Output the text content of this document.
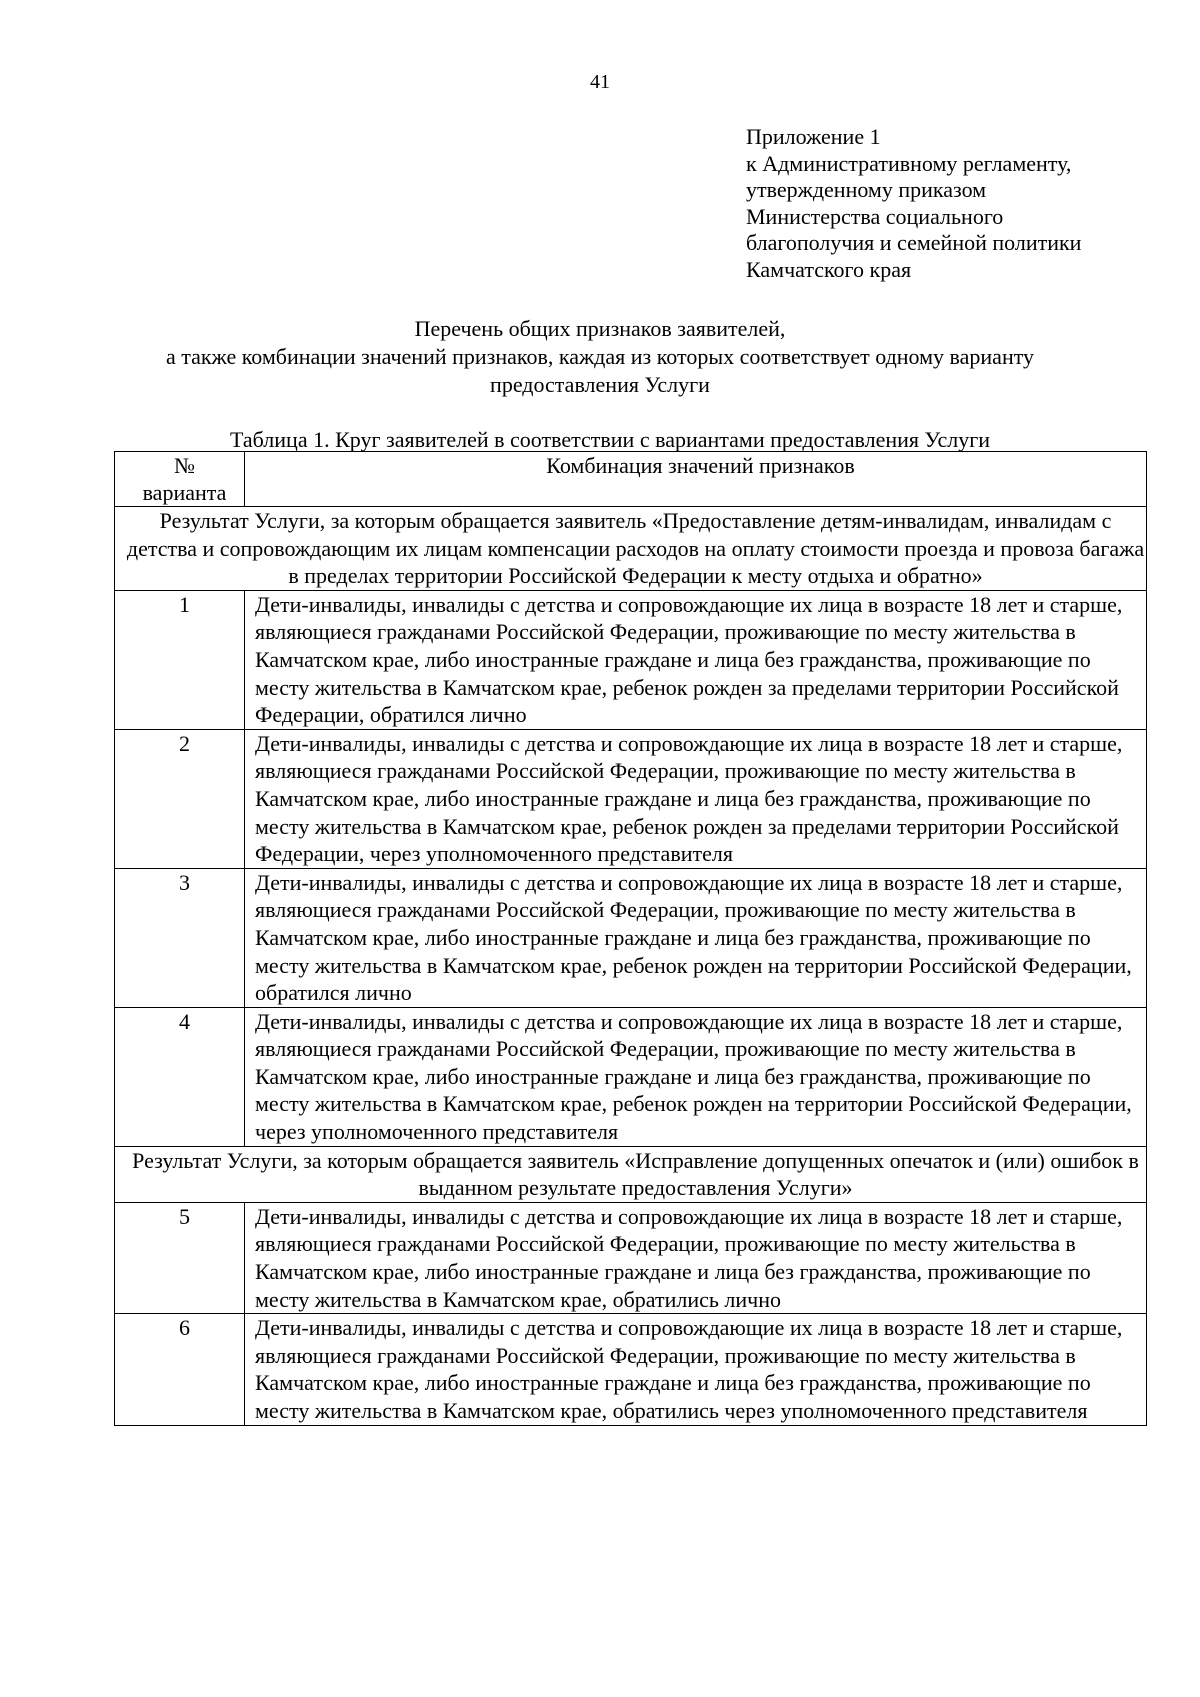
41
Приложение 1
к Административному регламенту,
утвержденному приказом
Министерства социального
благополучия и семейной политики
Камчатского края
Перечень общих признаков заявителей,
а также комбинации значений признаков, каждая из которых соответствует одному варианту
предоставления Услуги
Таблица 1. Круг заявителей в соответствии с вариантами предоставления Услуги
№
варианта	Комбинация значений признаков
Результат Услуги, за которым обращается заявитель «Предоставление детям-инвалидам, инвалидам с детства и сопровождающим их лицам компенсации расходов на оплату стоимости проезда и провоза багажа в пределах территории Российской Федерации к месту отдыха и обратно»	
1	Дети-инвалиды, инвалиды с детства и сопровождающие их лица в возрасте 18 лет и старше, являющиеся гражданами Российской Федерации, проживающие по месту жительства в Камчатском крае, либо иностранные граждане и лица без гражданства, проживающие по месту жительства в Камчатском крае, ребенок рожден за пределами территории Российской Федерации, обратился лично
2	Дети-инвалиды, инвалиды с детства и сопровождающие их лица в возрасте 18 лет и старше, являющиеся гражданами Российской Федерации, проживающие по месту жительства в Камчатском крае, либо иностранные граждане и лица без гражданства, проживающие по месту жительства в Камчатском крае, ребенок рожден за пределами территории Российской Федерации, через уполномоченного представителя
3	Дети-инвалиды, инвалиды с детства и сопровождающие их лица в возрасте 18 лет и старше, являющиеся гражданами Российской Федерации, проживающие по месту жительства в Камчатском крае, либо иностранные граждане и лица без гражданства, проживающие по месту жительства в Камчатском крае, ребенок рожден на территории Российской Федерации, обратился лично
4	Дети-инвалиды, инвалиды с детства и сопровождающие их лица в возрасте 18 лет и старше, являющиеся гражданами Российской Федерации, проживающие по месту жительства в Камчатском крае, либо иностранные граждане и лица без гражданства, проживающие по месту жительства в Камчатском крае, ребенок рожден на территории Российской Федерации, через уполномоченного представителя
Результат Услуги, за которым обращается заявитель «Исправление допущенных опечаток и (или) ошибок в выданном результате предоставления Услуги»	
5	Дети-инвалиды, инвалиды с детства и сопровождающие их лица в возрасте 18 лет и старше, являющиеся гражданами Российской Федерации, проживающие по месту жительства в Камчатском крае, либо иностранные граждане и лица без гражданства, проживающие по месту жительства в Камчатском крае, обратились лично
6	Дети-инвалиды, инвалиды с детства и сопровождающие их лица в возрасте 18 лет и старше, являющиеся гражданами Российской Федерации, проживающие по месту жительства в Камчатском крае, либо иностранные граждане и лица без гражданства, проживающие по месту жительства в Камчатском крае, обратились через уполномоченного представителя
